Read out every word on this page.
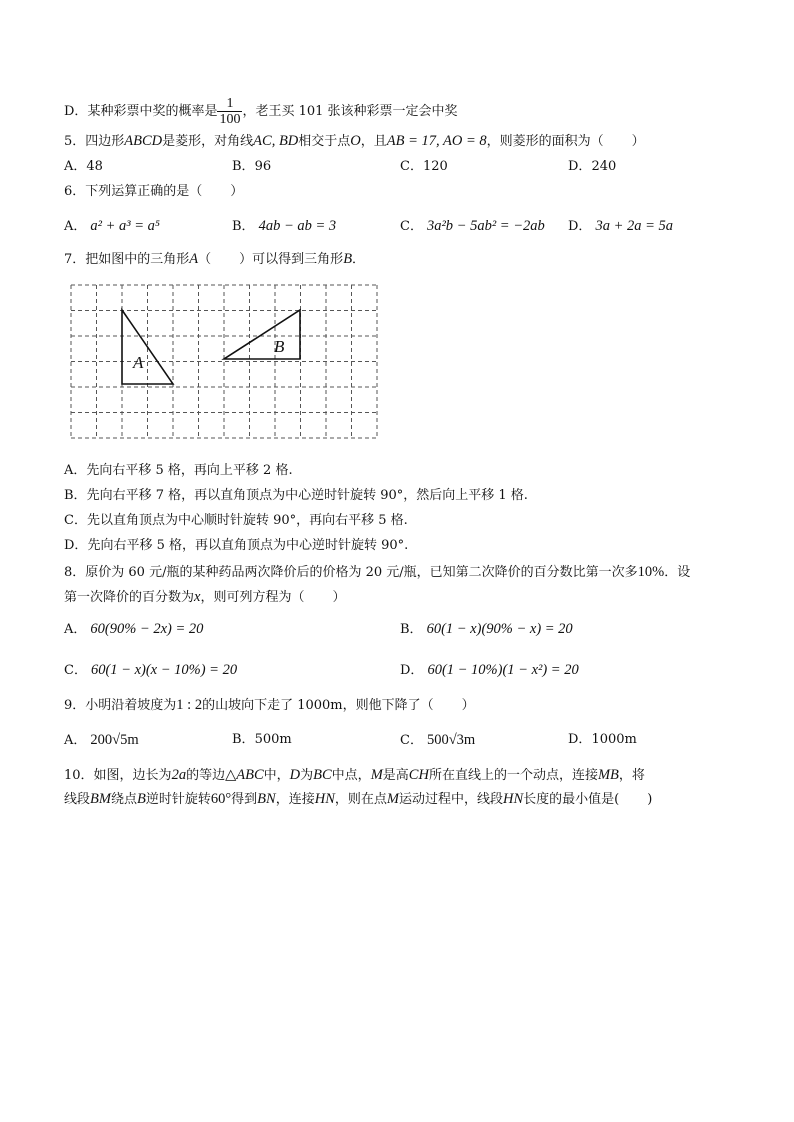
D．某种彩票中奖的概率是 $\frac{1}{100}$ ，老王买 101 张该种彩票一定会中奖
5．四边形ABCD是菱形，对角线AC, BD相交于点O，且AB = 17, AO = 8，则菱形的面积为（ ）
A．48	B．96	C．120	D．240
6．下列运算正确的是（ ）
A． a² + a³ = a⁵	B． 4ab − ab = 3	C． 3a²b − 5ab² = −2ab D． 3a + 2a = 5a
7．把如图中的三角形A（ ）可以得到三角形B．
A
B
A．先向右平移 5 格，再向上平移 2 格.
B．先向右平移 7 格，再以直角顶点为中心逆时针旋转 90°，然后向上平移 1 格.
C．先以直角顶点为中心顺时针旋转 90°，再向右平移 5 格.
D．先向右平移 5 格，再以直角顶点为中心逆时针旋转 90°.
8．原价为 60 元/瓶的某种药品两次降价后的价格为 20 元/瓶，已知第二次降价的百分数比第一次多10%．设
第一次降价的百分数为x，则可列方程为（ ）
A． 60(90% − 2x) = 20	B． 60(1 − x)(90% − x) = 20
C． 60(1 − x)(x − 10%) = 20	D． 60(1 − 10%)(1 − x²) = 20
9．小明沿着坡度为1 : 2的山坡向下走了 1000m，则他下降了（ ）
A． 200√5m	B．500m	C． 500√3m	D．1000m
10．如图，边长为2a的等边△ABC中，D为BC中点，M是高CH所在直线上的一个动点，连接MB，将
线段BM绕点B逆时针旋转60°得到BN，连接HN，则在点M运动过程中，线段HN长度的最小值是( )
